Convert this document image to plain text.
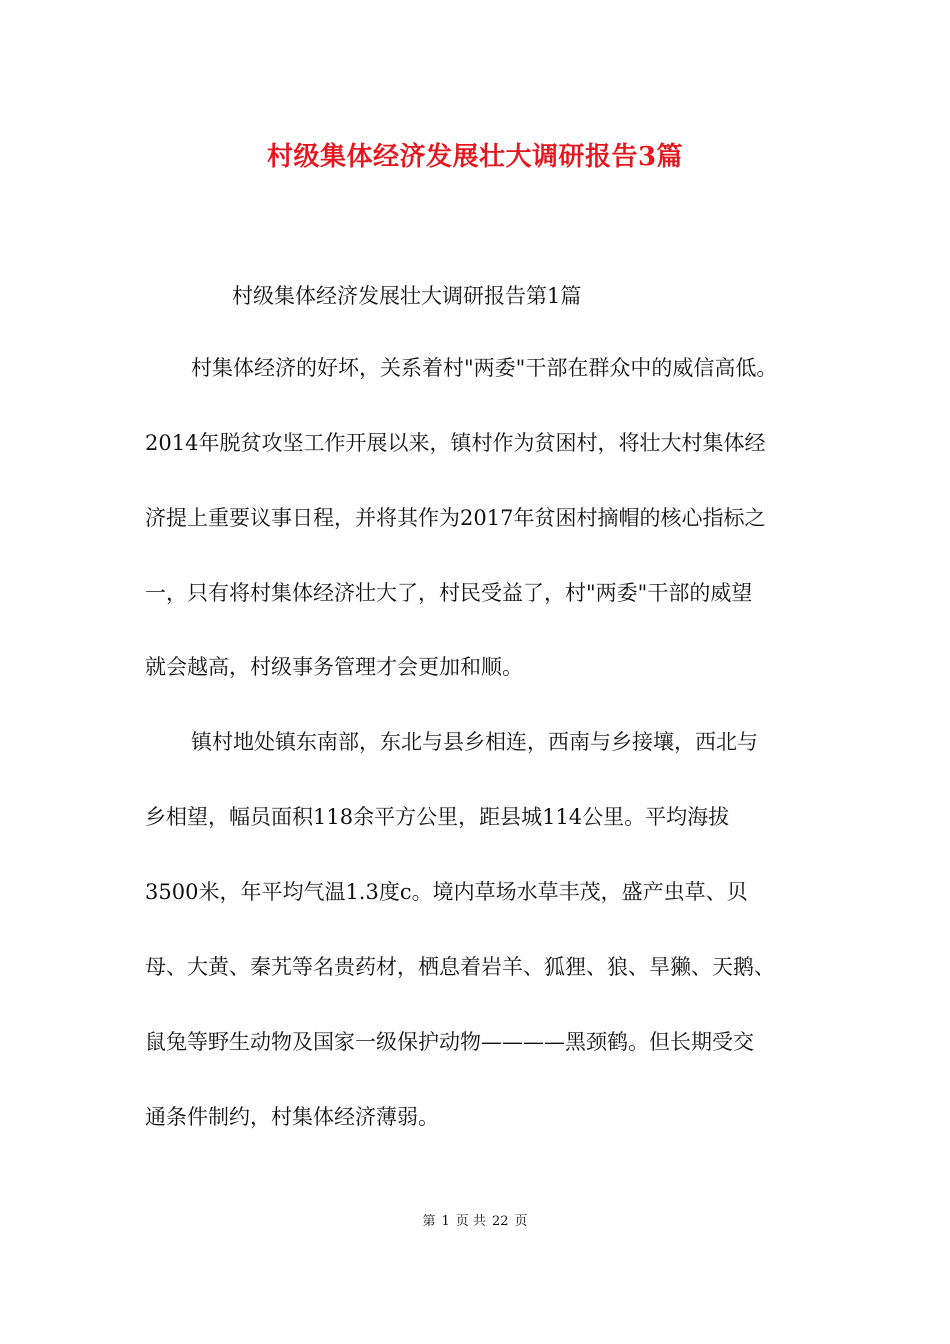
村级集体经济发展壮大调研报告3篇
村级集体经济发展壮大调研报告第1篇
村集体经济的好坏，关系着村"两委"干部在群众中的威信高低。
2014年脱贫攻坚工作开展以来，镇村作为贫困村，将壮大村集体经
济提上重要议事日程，并将其作为2017年贫困村摘帽的核心指标之
一，只有将村集体经济壮大了，村民受益了，村"两委"干部的威望
就会越高，村级事务管理才会更加和顺。
镇村地处镇东南部，东北与县乡相连，西南与乡接壤，西北与
乡相望，幅员面积118余平方公里，距县城114公里。平均海拔
3500米，年平均气温1.3度c。境内草场水草丰茂，盛产虫草、贝
母、大黄、秦艽等名贵药材，栖息着岩羊、狐狸、狼、旱獭、天鹅、
鼠兔等野生动物及国家一级保护动物————黑颈鹤。但长期受交
通条件制约，村集体经济薄弱。
第 1 页 共 22 页
